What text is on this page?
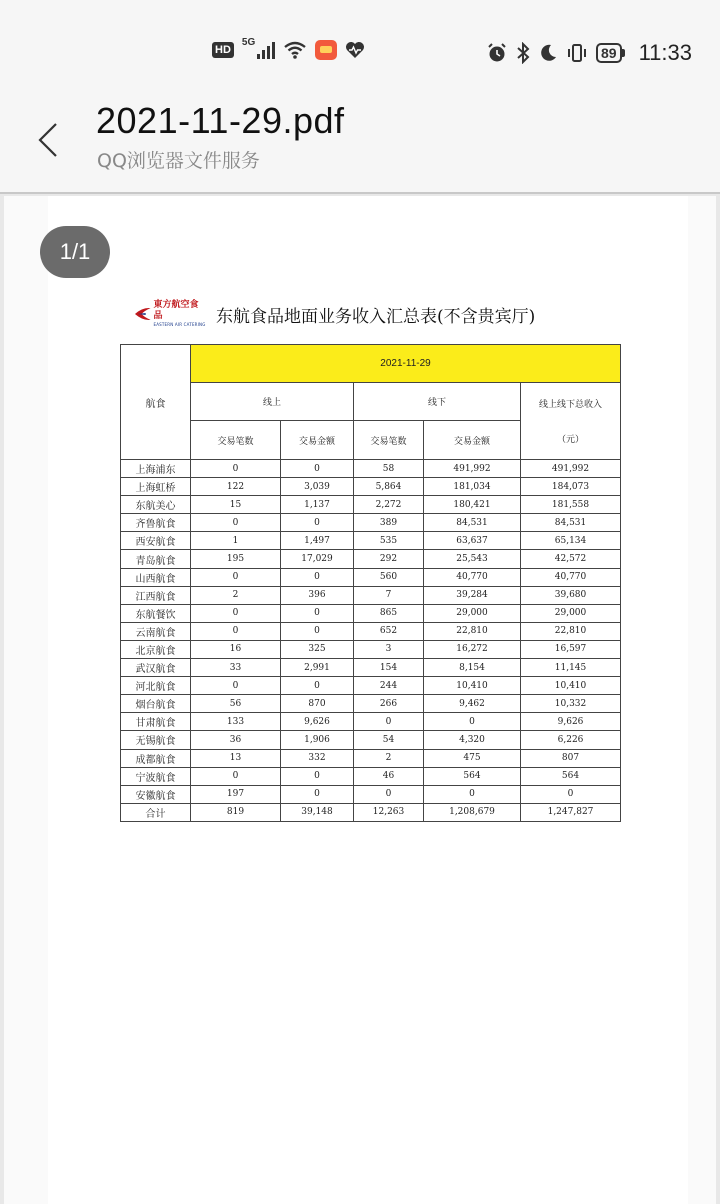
HD
5G
89 11:33
2021-11-29.pdf
QQ浏览器文件服务
1/1
東方航空食品
EASTERN AIR CATERING 东航食品地面业务收入汇总表(不含贵宾厅)
航食	2021-11-29				
	线上		线下		线上线下总收入
（元）

	交易笔数	交易金额	交易笔数	交易金额	
上海浦东	0	0	58	491,992	491,992
上海虹桥	122	3,039	5,864	181,034	184,073
东航美心	15	1,137	2,272	180,421	181,558
齐鲁航食	0	0	389	84,531	84,531
西安航食	1	1,497	535	63,637	65,134
青岛航食	195	17,029	292	25,543	42,572
山西航食	0	0	560	40,770	40,770
江西航食	2	396	7	39,284	39,680
东航餐饮	0	0	865	29,000	29,000
云南航食	0	0	652	22,810	22,810
北京航食	16	325	3	16,272	16,597
武汉航食	33	2,991	154	8,154	11,145
河北航食	0	0	244	10,410	10,410
烟台航食	56	870	266	9,462	10,332
甘肃航食	133	9,626	0	0	9,626
无锡航食	36	1,906	54	4,320	6,226
成都航食	13	332	2	475	807
宁波航食	0	0	46	564	564
安徽航食	197	0	0	0	0
合计	819	39,148	12,263	1,208,679	1,247,827
